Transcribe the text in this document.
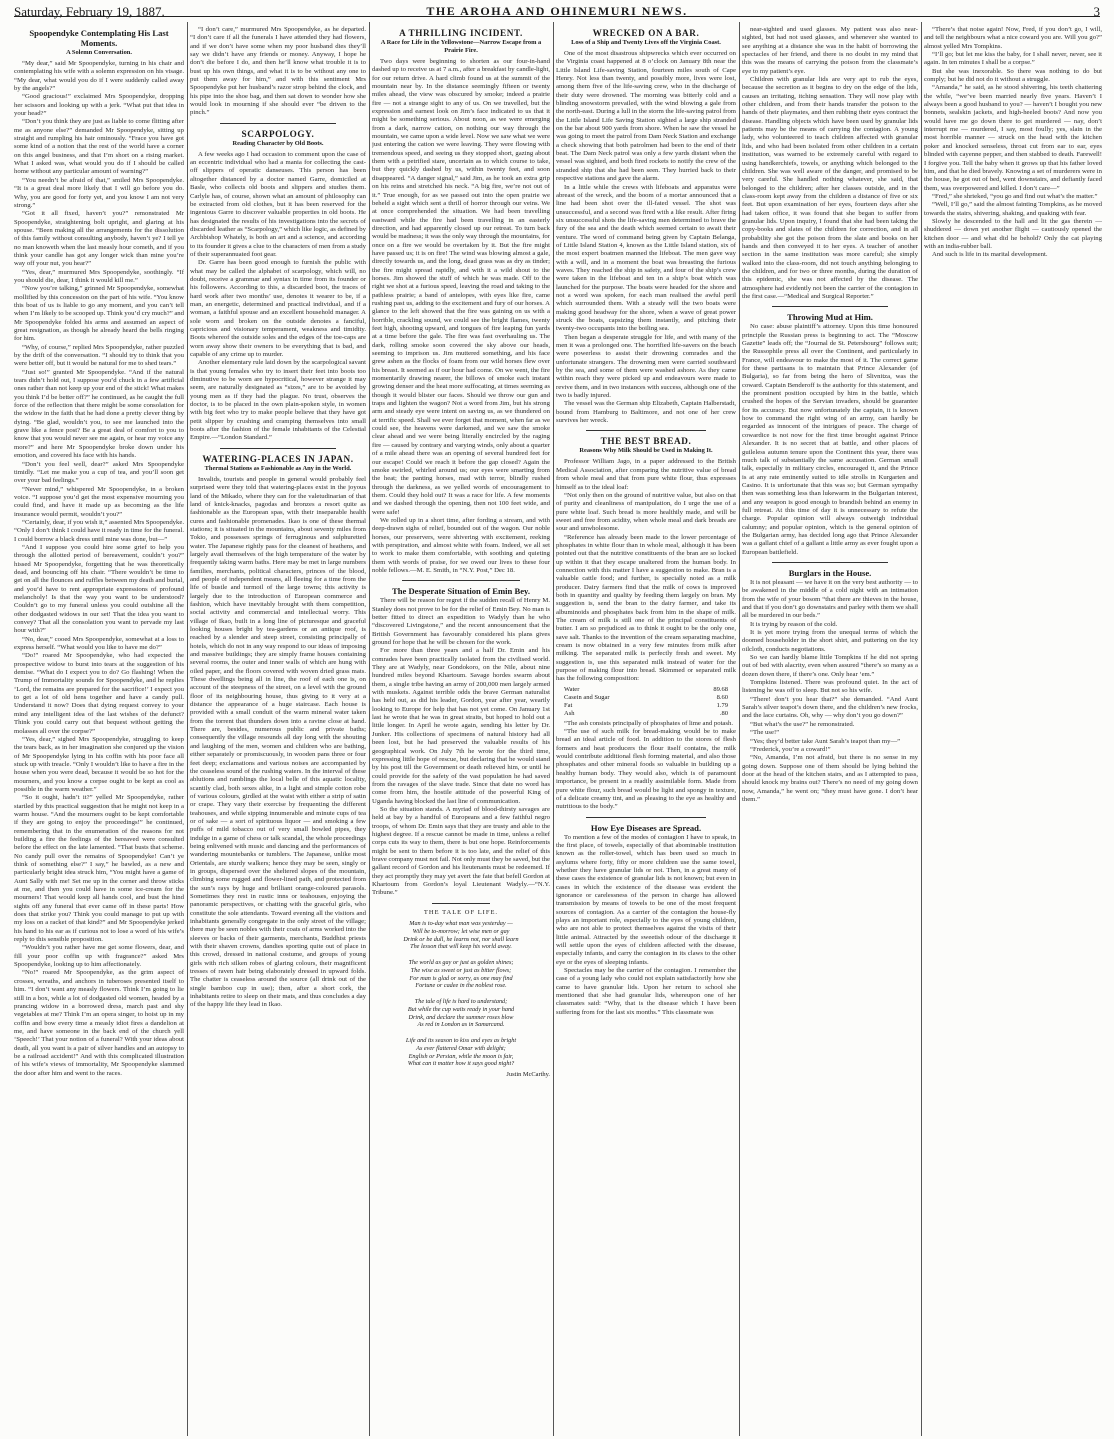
Saturday, February 19, 1887.	THE AROHA AND OHINEMURI NEWS.	3
Spoopendyke Contemplating His Last Moments.
A Solemn Conversation.

“My dear,” said Mr Spoopendyke, turning in his chair and contemplating his wife with a solemn expression on his visage. “My dear, what would you do if I were suddenly called away by the angels?”

“Good gracious!” exclaimed Mrs Spoopendyke, dropping her scissors and looking up with a jerk. “What put that idea in your head?”

“Don’t you think they are just as liable to come flitting after me as anyone else?” demanded Mr Spoopendyke, sitting up straight and rumpling his hair ominously. “Frace you have got some kind of a notion that the rest of the world have a corner on this angel business, and that I’m short on a rising market. What I asked was, what would you do if I should be called home without any particular amount of warning?”

“You needn’t be afraid of that,” smiled Mrs Spoopendyke. “It is a great deal more likely that I will go before you do. Why, you are good for forty yet, and you know I am not very strong.”

“Got it all fixed, haven’t you?” remonstrated Mr Spoopendyke, straightening bolt upright, and glaring at his spouse. “Been making all the arrangements for the dissolution of this family without consulting anybody, haven’t ye? I tell ye no man knoweth when the last measly hour cometh, and if you think your candle has got any longer wick than mine you’re way off your nut, you hear?”

“Yes, dear,” murmured Mrs Spoopendyke, soothingly. “If you should die, dear, I think it would kill me.”

“Now you’re talking,” grinned Mr Spoopendyke, somewhat mollified by this concession on the part of his wife. “You know this boat of us is liable to go any moment, and you can’t tell when I’m likely to be scooped up. Think you’d cry much?” and Mr Spoopendyke folded his arms and assumed an aspect of great resignation, as though he already heard the bells ringing for him.

“Why, of course,” replied Mrs Spoopendyke, rather puzzled by the drift of the conversation. “I should try to think that you were better off, but it would be natural for me to shed tears.”

“Just so!” granted Mr Spoopendyke. “And if the natural tears didn’t hold out, I suppose you’d chuck in a few artificial ones rather than not keep up your end of the stick! What makes you think I’d be better off?” he continued, as he caught the full force of the reflection that there might be some consolation for the widow in the faith that he had done a pretty clever thing by dying. “Be glad, wouldn’t you, to see me launched into the grave like a fence post? Be a great deal of comfort to you to know that you would never see me again, or hear my voice any more?” and here Mr Spoopendyke broke down under his emotion, and covered his face with his hands.

“Don’t you feel well, dear?” asked Mrs Spoopendyke timidly. “Let me make you a cup of tea, and you’ll soon get over your bad feelings.”

“Never mind,” whispered Mr Spoopendyke, in a broken voice. “I suppose you’d get the most expensive mourning you could find, and have it made up as becoming as the life insurance would permit, wouldn’t you?”

“Certainly, dear, if you wish it,” assented Mrs Spoopendyke. “Only I don’t think I could have it ready in time for the funeral. I could borrow a black dress until mine was done, but—”

“And I suppose you could hire some grief to help you through the allotted period of bereavement, couldn’t you?” hissed Mr Spoopendyke, forgetting that he was theoretically dead, and bouncing off his chair. “There wouldn’t be time to get on all the flounces and ruffles between my death and burial, and you’d have to rent appropriate expressions of profound melancholy! Is that the way you want to be understood? Couldn’t go to my funeral unless you could outshine all the other dodgasted widows in our set! That the idea you want to convey? That all the consolation you want to pervade my last hour with?”

“No, dear,” cooed Mrs Spoopendyke, somewhat at a loss to express herself. “What would you like to have me do?”

“Do!” roared Mr Spoopendyke, who had expected the prospective widow to burst into tears at the suggestion of his demise. “What do I expect you to do? Go flashing! When the Trump of Immortality sounds for Spoopendyke, and he replies ‘Lord, the remains are prepared for the sacrifice!’ I expect you to get a lot of old hens together and have a candy pull. Understand it now? Does that dying request convey to your mind any intelligent idea of the last wishes of the defunct? Think you could carry out that bequest without getting the molasses all over the corpse?”

“Yes, dear,” sighed Mrs Spoopendyke, struggling to keep the tears back, as in her imagination she conjured up the vision of Mr Spoopendyke lying in his coffin with his poor face all stuck up with treacle. “Only I wouldn’t like to have a fire in the house when you were dead, because it would be so hot for the mourners, and you know a corpse ought to be kept as cool as possible in the warm weather.”

“So it ought, hadn’t it?” yelled Mr Spoopendyke, rather startled by this practical suggestion that he might not keep in a warm house. “And the mourners ought to be kept comfortable if they are going to enjoy the proceedings!” he continued, remembering that in the enumeration of the reasons for not building a fire the feelings of the bereaved were consulted before the effect on the late lamented. “That busts that scheme. No candy pull over the remains of Spoopendyke! Can’t ye think of something else?” I say,” he bawled, as a new and particularly bright idea struck him, “You might have a game of Aunt Sally with me! Set me up in the corner and throw sticks at me, and then you could have in some ice-cream for the mourners! That would keep all hands cool, and bust the hind sights off any funeral that ever came off in these parts! How does that strike you? Think you could manage to put up with my loss on a racket of that kind?” and Mr Spoopendyke jerked his hand to his ear as if curious not to lose a word of his wife’s reply to this sensible proposition.

“Wouldn’t you rather have me get some flowers, dear, and fill your poor coffin up with fragrance?” asked Mrs Spoopendyke, looking up to him affectionately.

“No!” roared Mr Spoopendyke, as the grim aspect of crosses, wreaths, and anchors in tuberoses presented itself to him. “I don’t want any measly flowers. Think I’m going to lie still in a box, while a lot of dodgasted old women, headed by a prancing widow in a borrowed dress, march past and shy vegetables at me? Think I’m an opera singer, to hoist up in my coffin and bow every time a measly idiot fires a dandelion at me, and have someone in the back end of the church yell ‘Speech!’ That your notion of a funeral? With your ideas about death, all you want is a pair of silver handles and an autopsy to be a railroad accident!” And with this complicated illustration of his wife’s views of immortality, Mr Spoopendyke slammed the door after him and went to the races.

“I don’t care,” murmured Mrs Spoopendyke, as he departed. “I don’t care if all the funerals I have attended they had flowers, and if we don’t have some when my poor husband dies they’ll say we didn’t have any friends or money. Anyway, I hope he don’t die before I do, and then he’ll know what trouble it is to bust up his own things, and what it is to be without any one to put them away for him,” and with this sentiment Mrs Spoopendyke put her husband’s razor strop behind the clock, and his pipe into the shoe bag, and then sat down to wonder how she would look in mourning if she should ever “be driven to the pinch.”

SCARPOLOGY.
Reading Character by Old Boots.

A few weeks ago I had occasion to comment upon the case of an eccentric individual who had a mania for collecting the cast-off slippers of operatic danseuses. This person has been altogether distanced by a doctor named Garre, domiciled at Basle, who collects old boots and slippers and studies them. Carlyle has, of course, shown what an amount of philosophy can be extracted from old clothes, but it has been reserved for the ingenious Garre to discover valuable properties in old boots. He has designated the results of his investigations into the secrets of discarded leather as “Scarpology,” which like logic, as defined by Archbishop Whately, is both an art and a science, and according to its founder it gives a clue to the characters of men from a study of their superannuated foot gear.

Dr. Garre has been good enough to furnish the public with what may be called the alphabet of scarpology, which will, no doubt, receive a grammar and syntax in time from its founder or his followers. According to this, a discarded boot, the traces of hard work after two months’ use, denotes it wearer to be, if a man, an energetic, determined and practical individual, and if a woman, a faithful spouse and an excellent household manager. A sole worn and broken on the outside denotes a fanciful, capricious and visionary temperament, weakness and timidity. Boots whereof the outside soles and the edges of the toe-caps are worn away show their owners to be everything that is bad, and capable of any crime up to murder.

Another elementary rule laid down by the scarpological savant is that young females who try to insert their feet into boots too diminutive to be worn are hypocritical, however strange it may seem, are naturally designated as “sizes,” are to be avoided by young men as if they had the plague. No trust, observes the doctor, is to be placed in the own plain-spoken style, in women with big feet who try to make people believe that they have got petit slipper by crushing and cramping themselves into small boots after the fashion of the female inhabitants of the Celestial Empire.—“London Standard.”

WATERING-PLACES IN JAPAN.
Thermal Stations as Fashionable as Any in the World.

Invalids, tourists and people in general would probably feel surprised were they told that watering-places exist in the joyous land of the Mikado, where they can for the valetudinarian of that land of knick-knacks, pagodas and bronzes a resort quite as fashionable as the European spas, with their inseparable health cures and fashionable promenades. Ikao is one of these thermal stations; it is situated in the mountains, about seventy miles from Tokio, and possesses springs of ferruginous and sulphuretted water. The Japanese rightly pass for the cleanest of heathens, and largely avail themselves of the high temperature of the water by frequently taking warm baths. Here may be met in large numbers families, merchants, political characters, princes of the blood, and people of independent means, all fleeing for a time from the life of bustle and turmoil of the large towns; this activity is largely due to the introduction of European commerce and fashion, which have inevitably brought with them competition, social activity and commercial and intellectual worry. This village of Ikao, built in a long line of picturesque and graceful looking houses bright by tea-gardens or an antique roof, is reached by a slender and steep street, consisting principally of hotels, which do not in any way respond to our ideas of imposing and massive buildings; they are simply frame houses containing several rooms, the outer and inner walls of which are hung with oiled paper, and the floors covered with woven dried grass mats. These dwellings being all in line, the roof of each one is, on account of the steepness of the street, on a level with the ground floor of its neighbouring house, thus giving to it very at a distance the appearance of a huge staircase. Each house is provided with a small conduit of the warm mineral water taken from the torrent that thunders down into a ravine close at hand. There are, besides, numerous public and private baths; consequently the village resounds all day long with the shouting and laughing of the men, women and children who are bathing, either separately or promiscuously, in wooden pans three or four feet deep; exclamations and various noises are accompanied by the ceaseless sound of the rushing waters. In the interval of these ablutions and ramblings the local belle of this aquatic locality, scantily clad, both sexes alike, in a light and simple cotton robe of various colours, girdled at the waist with either a strip of satin or crape. They vary their exercise by frequenting the different teahouses, and while sipping innumerable and minute cups of tea or of sake — a sort of spirituous liquor — and smoking a few puffs of mild tobacco out of very small bowled pipes, they indulge in a game of chess or talk scandal, the whole proceedings being enlivened with music and dancing and the performances of wandering mountebanks or tumblers. The Japanese, unlike most Orientals, are sturdy walkers; hence they may be seen, singly or in groups, dispersed over the sheltered slopes of the mountain, climbing some rugged and flower-lined path, and protected from the sun’s rays by huge and brilliant orange-coloured parasols. Sometimes they rest in rustic inns or teahouses, enjoying the panoramic perspectives, or chatting with the graceful girls, who constitute the sole attendants. Toward evening all the visitors and inhabitants generally congregate in the only street of the village; there may be seen nobles with their coats of arms worked into the sleeves or backs of their garments, merchants, Buddhist priests with their shaven crowns, dandies sporting quite out of place in this crowd, dressed in national costume, and groups of young girls with rich silken robes of glaring colours, their magnificent tresses of raven hair being elaborately dressed in upward folds. The chatter is ceaseless around the source (all drink out of the single bamboo cup in use); then, after a short cork, the inhabitants retire to sleep on their mats, and thus concludes a day of the happy life they lead in Ikao.

A THRILLING INCIDENT.
A Race for Life in the Yellowstone—Narrow Escape from a Prairie Fire.

Two days were beginning to shorten as our four-in-hand dashed up to receive us at 7 a.m., after a breakfast by candle-light, for our return drive. A hard climb found us at the summit of the mountain near by. In the distance seemingly fifteen or twenty miles ahead, the view was obscured by smoke; indeed a prairie fire — not a strange sight to any of us. On we travelled, but the expression and earnest look on Jim’s face indicated to us that it might be something serious. About noon, as we were emerging from a dark, narrow cation, on nothing our way through the mountain, we came upon a wide level. Now we saw what we were just entering the cation we were leaving. They were flowing with tremendous speed, and seeing us they stopped short, gazing about them with a petrified stare, uncertain as to which course to take, but they quickly dashed by us, within twenty feet, and soon disappeared. “A danger signal,” said Jim, as he took an extra grip on his reins and stretched his neck. “A big fire, we’re not out of it.” True enough, for as we passed out into the open prairie we beheld a sight which sent a thrill of horror through our veins. We at once comprehended the situation. We had been travelling eastward while the fire had been travelling in an easterly direction, and had apparently closed up our retreat. To turn back would be madness; it was the only way through the mountains, for once on a fire we would be overtaken by it. But the fire might have passed us; it is on fire! The wind was blowing almost a gale, directly towards us, and the long, dead grass was as dry as tinder; the fire might spread rapidly, and with it a wild shout to the horses. Jim showed the stuff of which he was made. Off to the right we shot at a furious speed, leaving the road and taking to the pathless prairie; a band of antelopes, with eyes like fire, came rushing past us, adding to the excitement and fury of our horses. A glance to the left showed that the fire was gaining on us with a horrible, crackling sound, we could see the bright flames, twenty feet high, shooting upward, and tongues of fire leaping fun yards at a time before the gale. The fire was fast overhauling us. The dark, rolling smoke soon covered the sky above our heads, seeming to imprison us. Jim muttered something, and his face grew ashen as the flocks of foam from our wild horses flew over his breast. It seemed as if our hour had come. On we went, the fire momentarily drawing nearer, the billows of smoke each instant growing denser and the heat more suffocating, at times seeming as though it would blister our faces. Should we throw our gun and traps and lighten the wagon? Not a word from Jim, but his strong arm and steady eye were intent on saving us, as we thundered on at terrific speed. Shall we ever forget that moment, when far as we could see, the heavens were darkened, and we saw the smoke clear ahead and we were being literally encircled by the raging fire — caused by contrary and varying winds, only about a quarter of a mile ahead there was an opening of several hundred feet for our escape! Could we reach it before the gap closed? Again the smoke swirled, whirled around us; our eyes were smarting from the heat; the panting horses, mad with terror, blindly rushed through the darkness, as we yelled words of encouragement to them. Could they hold out? It was a race for life. A few moments and we dashed through the opening, then not 100 feet wide, and were safe!

We rolled up in a short time, after fording a stream, and with deep-drawn sighs of relief, bounded out of the wagon. Our noble horses, our preservers, were shivering with excitement, reeking with perspiration, and almost white with foam. Indeed, we all set to work to make them comfortable, with soothing and quieting them with words of praise, for we owed our lives to these four noble fellows.—M. E. Smith, in “N.Y. Post,” Dec 18.

The Desperate Situation of Emin Bey.

There will be reason for regret if the sudden recall of Henry M. Stanley does not prove to be for the relief of Emin Bey. No man is better fitted to direct an expedition to Wadyly than he who “discovered Livingstone,” and the recent announcement that the British Government has favourably considered his plans gives ground for hope that he will be chosen for the work.

For more than three years and a half Dr. Emin and his comrades have been practically isolated from the civilised world. They are at Wadyly, near Gondokoro, on the Nile, about nine hundred miles beyond Khartoum. Savage hordes swarm about them, a single tribe having an army of 200,000 men largely armed with muskets. Against terrible odds the brave German naturalist has held out, as did his leader, Gordon, year after year, wearily looking to Europe for help that has not yet come. On January 1st last he wrote that he was in great straits, but hoped to hold out a little longer. In April he wrote again, sending his letter by Dr. Junker. His collections of specimens of natural history had all been lost, but he had preserved the valuable results of his geographical work. On July 7th he wrote for the third time, expressing little hope of rescue, but declaring that he would stand by his post till the Government or death relieved him, or until he could provide for the safety of the vast population he had saved from the ravages of the slave trade. Since that date no word has come from him, the hostile attitude of the powerful King of Uganda having blocked the last line of communication.

So the situation stands. A myriad of blood-thirsty savages are held at bay by a handful of Europeans and a few faithful negro troops, of whom Dr. Emin says that they are trusty and able to the highest degree. If a rescue cannot be made in time, unless a relief corps cuts its way to them, there is but one hope. Reinforcements might be sent to them before it is too late, and the relief of this brave company must not fail. Not only must they be saved, but the gallant record of Gordon and his lieutenants must be redeemed. If they act promptly they may yet avert the fate that befell Gordon at Khartoum from Gordon’s loyal Lieutenant Wadyly.—“N.Y. Tribune.”

THE TALE OF LIFE.
Man is to-day what man was yesterday —
Will be to-morrow; let wise men or gay
Drink or be dull, he learns not, nor shall learn
The lesson that will keep his world away.

The world as gay or just as golden shines;
The wise as sweet or just as bitter flows;
For man is glad or sorry, as one may find
Fortune or cadee in the noblest rose.

The tale of life is hard to understand;
But while the cup waits ready in your hand
Drink, and declare the summer roses blow
As red in London as in Samarcand.

Life and its season to kiss and eyes as bright
As ever flattered Omar with delight;
English or Persian, while the moon is fair,
What can it matter how it says good night?
Justin McCarthy.
WRECKED ON A BAR.
Loss of a Ship and Twenty Lives off the Virginia Coast.

One of the most disastrous shipwrecks which ever occurred on the Virginia coast happened at 8 o’clock on January 8th near the Little Island Life-saving Station, fourteen miles south of Cape Henry. Not less than twenty, and possibly more, lives were lost, among them five of the life-saving crew, who in the discharge of their duty were drowned. The morning was bitterly cold and a blinding snowstorm prevailed, with the wind blowing a gale from the north-east. During a lull in the storm the life-saving patrol from the Little Island Life Saving Station sighted a large ship stranded on the bar about 900 yards from shore. When he saw the vessel he was going to meet the patrol from Dam Neck Station and exchange a check showing that both patrolmen had been to the end of their beat. The Dam Neck patrol was only a few yards distant when the vessel was sighted, and both fired rockets to notify the crew of the stranded ship that she had been seen. They hurried back to their respective stations and gave the alarm.

In a little while the crews with lifeboats and apparatus were abreast of the wreck, and the boom of a mortar announced that a line had been shot over the ill-fated vessel. The shot was unsuccessful, and a second was fired with a like result. After firing six unsuccessful shots the life-saving men determined to brave the fury of the sea and the death which seemed certain to await their venture. The word of command being given by Captain Belanga, of Little Island Station 4, known as the Little Island station, six of the most expert boatmen manned the lifeboat. The men gave way with a will, and in a moment the boat was breasting the furious waves. They reached the ship in safety, and four of the ship’s crew were taken in the lifeboat and ten in a ship’s boat which was launched for the purpose. The boats were headed for the shore and not a word was spoken, for each man realised the awful peril which surrounded them. With a steady will the two boats were making good headway for the shore, when a wave of great power struck the boats, capsizing them instantly, and pitching their twenty-two occupants into the boiling sea.

Then began a desperate struggle for life, and with many of the men it was a prolonged one. The horrified life-savers on the beach were powerless to assist their drowning comrades and the unfortunate strangers. The drowning men were carried southward by the sea, and some of them were washed ashore. As they came within reach they were picked up and endeavours were made to revive them, and in two instances with success, although one of the two is badly injured.

The vessel was the German ship Elizabeth, Captain Halberstadt, bound from Hamburg to Baltimore, and not one of her crew survives her wreck.

THE BEST BREAD.
Reasons Why Milk Should be Used in Making It.

Professor William Jago, in a paper addressed to the British Medical Association, after comparing the nutritive value of bread from whole meal and that from pure white flour, thus expresses himself as to the ideal loaf:

“Not only then on the ground of nutritive value, but also on that of purity and cleanliness of manipulation, do I urge the use of a pure white loaf. Such bread is more healthily made, and will be sweet and free from acidity, when whole meal and dark breads are sour and unwholesome.

“Reference has already been made to the lower percentage of phosphates in white flour than in whole meal, although it has been pointed out that the nutritive constituents of the bran are so locked up within it that they escape unaltered from the human body. In connection with this matter I have a suggestion to make. Bran is a valuable cattle food; and further, is specially noted as a milk producer. Dairy farmers find that the milk of cows is improved both in quantity and quality by feeding them largely on bran. My suggestion is, send the bran to the dairy farmer, and take its albuminoids and phosphates back from him in the shape of milk. The cream of milk is still one of the principal constituents of butter. I am so prejudiced as to think it ought to be the only one, save salt. Thanks to the invention of the cream separating machine, cream is now obtained in a very few minutes from milk after milking. The separated milk is perfectly fresh and sweet. My suggestion is, use this separated milk instead of water for the purpose of making flour into bread. Skimmed or separated milk has the following composition:

Water	89.68
Casein and Sugar	8.60
Fat	1.79
Ash	.80

“The ash consists principally of phosphates of lime and potash.

“The use of such milk for bread-making would be to make bread an ideal article of food. In addition to the stores of flesh formers and heat producers the flour itself contains, the milk would contribute additional flesh forming material, and also those phosphates and other mineral foods so valuable in building up a healthy human body. They would also, which is of paramount importance, be present in a readily assimilable form. Made from pure white flour, such bread would be light and spongy in texture, of a delicate creamy tint, and as pleasing to the eye as healthy and nutritious to the body.”

How Eye Diseases are Spread.

To mention a few of the modes of contagion I have to speak, in the first place, of towels, especially of that abominable institution known as the roller-towel, which has been used so much in asylums where forty, fifty or more children use the same towel, whether they have granular lids or not. Then, in a great many of these cases the existence of granular lids is not known; but even in cases in which the existence of the disease was evident the ignorance or carelessness of the person in charge has allowed transmission by means of towels to be one of the most frequent sources of contagion. As a carrier of the contagion the house-fly plays an important role, especially to the eyes of young children, who are not able to protect themselves against the visits of their little animal. Attracted by the sweetish odour of the discharge it will settle upon the eyes of children affected with the disease, especially infants, and carry the contagion in its claws to the other eye or the eyes of sleeping infants.

Spectacles may be the carrier of the contagion. I remember the case of a young lady who could not explain satisfactorily how she came to have granular lids. Upon her return to school she mentioned that she had granular lids, whereupon one of her classmates said: “Why, that is the disease which I have been suffering from for the last six months.” This classmate was

near-sighted and used glasses. My patient was also near-sighted, but had not used glasses, and whenever she wanted to see anything at a distance she was in the habit of borrowing the spectacles of her friend, and there is no doubt in my mind that this was the means of carrying the poison from the classmate’s eye to my patient’s eye.

Children with granular lids are very apt to rub the eyes, because the secretion as it begins to dry on the edge of the lids, causes an irritating, itching sensation. They will now play with other children, and from their hands transfer the poison to the hands of their playmates, and then rubbing their eyes contract the disease. Handling objects which have been used by granular lids patients may be the means of carrying the contagion. A young lady, who volunteered to teach children affected with granular lids, and who had been isolated from other children in a certain institution, was warned to be extremely careful with regard to using handkerchiefs, towels, or anything which belonged to the children. She was well aware of the danger, and promised to be very careful. She handled nothing whatever, she said, that belonged to the children; after her classes outside, and in the class-room kept away from the children a distance of five or six feet. But upon examination of her eyes, fourteen days after she had taken office, it was found that she began to suffer from granular lids. Upon inquiry, I found that she had been taking the copy-books and slates of the children for correction, and in all probability she got the poison from the slate and books on her hands and then conveyed it to her eyes. A teacher of another section in the same institution was more careful; she simply walked into the class-room, did not touch anything belonging to the children, and for two or three months, during the duration of this epidemic, she was not affected by the disease. The atmosphere had evidently not been the carrier of the contagion in the first case.—“Medical and Surgical Reporter.”

Throwing Mud at Him.

No case: abuse plaintiff’s attorney. Upon this time honoured principle the Russian press is beginning to act. The “Moscow Gazette” leads off; the “Journal de St. Petersbourg” follows suit; the Russophile press all over the Continent, and particularly in France, will endeavour to make the most of it. The correct game for these partisans is to maintain that Prince Alexander (of Bulgaria), so far from being the hero of Slivnitza, was the coward. Captain Benderoff is the authority for this statement, and the prominent position occupied by him in the battle, which crushed the hopes of the Servian invaders, should be guarantee for its accuracy. But now unfortunately the captain, it is known how to command the right wing of an army, can hardly be regarded as innocent of the intrigues of peace. The charge of cowardice is not now for the first time brought against Prince Alexander. It is no secret that at battle, and other places of guileless autumn tenure upon the Continent this year, there was much talk of substantially the same accusation. German small talk, especially in military circles, encouraged it, and the Prince is at any rate eminently suited to idle strolls in Kurgarten and Casino. It is unfortunate that this was so; but German sympathy then was something less than lukewarm in the Bulgarian interest, and any weapon is good enough to brandish behind an enemy in full retreat. At this time of day it is unnecessary to refute the charge. Popular opinion will always outweigh individual calumny; and popular opinion, which is the general opinion of the Bulgarian army, has decided long ago that Prince Alexander was a gallant chief of a gallant a little army as ever fought upon a European battlefield.

Burglars in the House.

It is not pleasant — we have it on the very best authority — to be awakened in the middle of a cold night with an intimation from the wife of your bosom “that there are thieves in the house, and that if you don’t go downstairs and parley with them we shall all be murdered in our beds.”

It is trying by reason of the cold.

It is yet more trying from the unequal terms of which the doomed householder in the short shirt, and puttering on the icy oilcloth, conducts negotiations.

So we can hardly blame little Tompkins if he did not spring out of bed with alacrity, even when assured “there’s so many as a dozen down there, if there’s one. Only hear ‘em.”

Tompkins listened. There was profound quiet. In the act of listening he was off to sleep. But not so his wife.

“There! don’t you hear that?” she demanded. “And Aunt Sarah’s silver teapot’s down there, and the children’s new frocks, and the lace curtains. Oh, why — why don’t you go down?”

“But what’s the use?” he remonstrated.

“The use!”

“Yes; they’d better take Aunt Sarah’s teapot than my—”

“Frederick, you’re a coward!”

“No, Amanda, I’m not afraid, but there is no sense in my going down. Suppose one of them should be lying behind the door at the head of the kitchen stairs, and as I attempted to pass, should knock my brains out? There’s no need of my going down now, Amanda,” he went on; “they must have gone. I don’t hear them.”

“There’s that noise again! Now, Fred, if you don’t go, I will, and tell the neighbours what a nice coward you are. Will you go?” almost yelled Mrs Tompkins.

“I’ll go; but let me kiss the baby, for I shall never, never, see it again. In ten minutes I shall be a corpse.”

But she was inexorable. So there was nothing to do but comply; but he did not do it without a struggle.

“Amanda,” he said, as he stood shivering, his teeth chattering the while, “we’ve been married nearly five years. Haven’t I always been a good husband to you? — haven’t I bought you new bonnets, sealskin jackets, and high-heeled boots? And now you would have me go down there to get murdered — nay, don’t interrupt me — murdered, I say, most foully; yes, slain in the most horrible manner — struck on the head with the kitchen poker and knocked senseless, throat cut from ear to ear, eyes blinded with cayenne pepper, and then stabbed to death. Farewell! I forgive you. Tell the baby when it grows up that his father loved him, and that he died bravely. Knowing a set of murderers were in the house, he got out of bed, went downstairs, and defiantly faced them, was overpowered and killed. I don’t care—”

“Fred,” she shrieked, “you go and find out what’s the matter.”

“Well, I’ll go,” said the almost fainting Tompkins, as he moved towards the stairs, shivering, shaking, and quaking with fear.

Slowly he descended to the hall and lit the gas therein — shuddered — down yet another flight — cautiously opened the kitchen door — and what did he behold? Only the cat playing with an india-rubber ball.

And such is life in its marital development.
